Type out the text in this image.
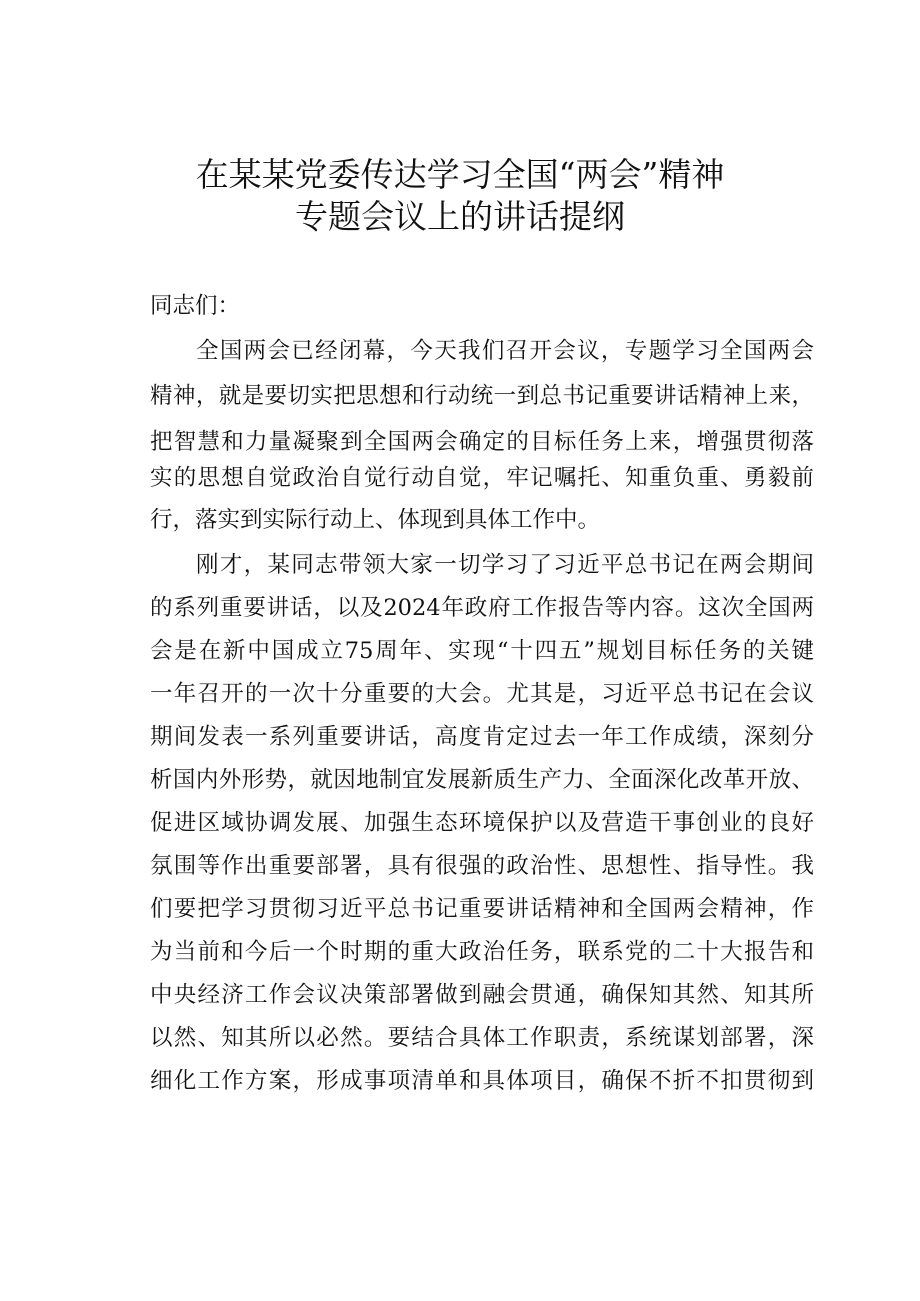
在某某党委传达学习全国“两会”精神
专题会议上的讲话提纲
同志们：
全国两会已经闭幕，今天我们召开会议，专题学习全国两会
精神，就是要切实把思想和行动统一到总书记重要讲话精神上来，
把智慧和力量凝聚到全国两会确定的目标任务上来，增强贯彻落
实的思想自觉政治自觉行动自觉，牢记嘱托、知重负重、勇毅前
行，落实到实际行动上、体现到具体工作中。
刚才，某同志带领大家一切学习了习近平总书记在两会期间
的系列重要讲话，以及2024年政府工作报告等内容。这次全国两
会是在新中国成立75周年、实现“十四五”规划目标任务的关键
一年召开的一次十分重要的大会。尤其是，习近平总书记在会议
期间发表一系列重要讲话，高度肯定过去一年工作成绩，深刻分
析国内外形势，就因地制宜发展新质生产力、全面深化改革开放、
促进区域协调发展、加强生态环境保护以及营造干事创业的良好
氛围等作出重要部署，具有很强的政治性、思想性、指导性。我
们要把学习贯彻习近平总书记重要讲话精神和全国两会精神，作
为当前和今后一个时期的重大政治任务，联系党的二十大报告和
中央经济工作会议决策部署做到融会贯通，确保知其然、知其所
以然、知其所以必然。要结合具体工作职责，系统谋划部署，深
细化工作方案，形成事项清单和具体项目，确保不折不扣贯彻到
